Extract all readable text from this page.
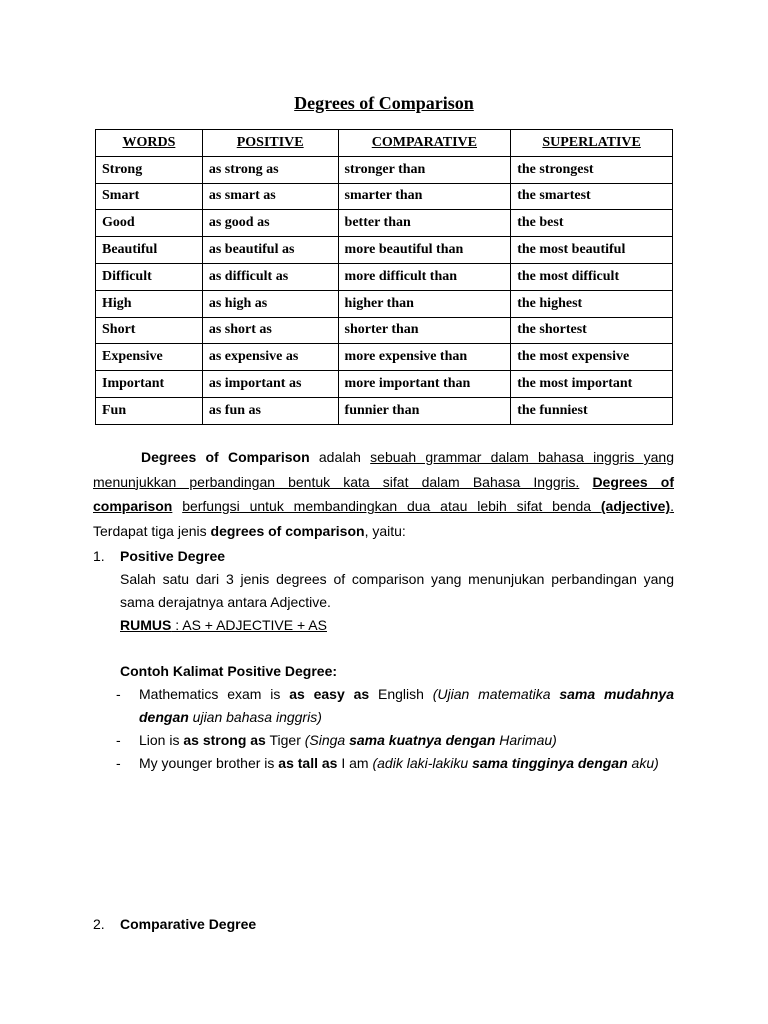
Degrees of Comparison
WORDS	POSITIVE	COMPARATIVE	SUPERLATIVE
Strong	as strong as	stronger than	the strongest
Smart	as smart as	smarter than	the smartest
Good	as good as	better than	the best
Beautiful	as beautiful as	more beautiful than	the most beautiful
Difficult	as difficult as	more difficult than	the most difficult
High	as high as	higher than	the highest
Short	as short as	shorter than	the shortest
Expensive	as expensive as	more expensive than	the most expensive
Important	as important as	more important than	the most important
Fun	as fun as	funnier than	the funniest
Degrees of Comparison adalah sebuah grammar dalam bahasa inggris yang menunjukkan perbandingan bentuk kata sifat dalam Bahasa Inggris. Degrees of comparison berfungsi untuk membandingkan dua atau lebih sifat benda (adjective). Terdapat tiga jenis degrees of comparison, yaitu:
1. Positive Degree
Salah satu dari 3 jenis degrees of comparison yang menunjukan perbandingan yang sama derajatnya antara Adjective.
RUMUS : AS + ADJECTIVE + AS
Contoh Kalimat Positive Degree:
- Mathematics exam is as easy as English (Ujian matematika sama mudahnya dengan ujian bahasa inggris)
- Lion is as strong as Tiger (Singa sama kuatnya dengan Harimau)
- My younger brother is as tall as I am (adik laki-lakiku sama tingginya dengan aku)
2. Comparative Degree
